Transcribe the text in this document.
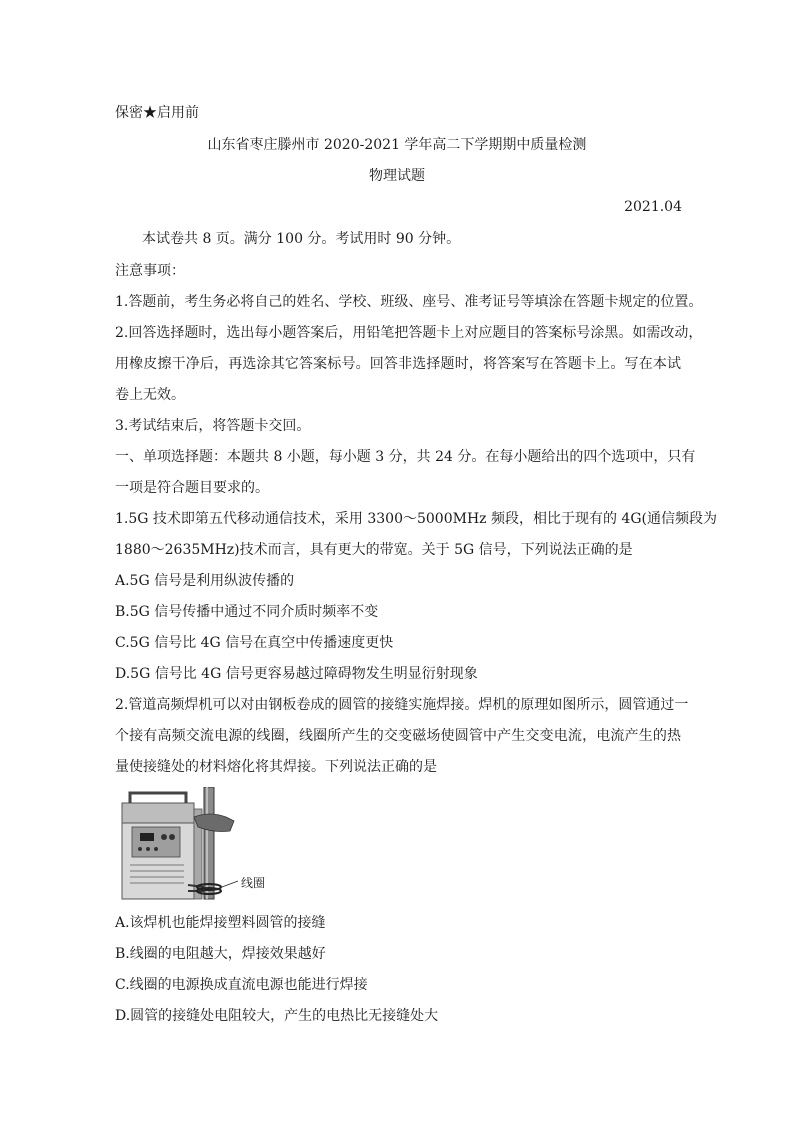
保密★启用前
山东省枣庄滕州市 2020-2021 学年高二下学期期中质量检测
物理试题
2021.04
本试卷共 8 页。满分 100 分。考试用时 90 分钟。
注意事项：
1.答题前，考生务必将自己的姓名、学校、班级、座号、准考证号等填涂在答题卡规定的位置。
2.回答选择题时，选出每小题答案后，用铅笔把答题卡上对应题目的答案标号涂黑。如需改动，
用橡皮擦干净后，再选涂其它答案标号。回答非选择题时，将答案写在答题卡上。写在本试
卷上无效。
3.考试结束后，将答题卡交回。
一、单项选择题：本题共 8 小题，每小题 3 分，共 24 分。在每小题给出的四个选项中，只有
一项是符合题目要求的。
1.5G 技术即第五代移动通信技术，采用 3300～5000MHz 频段，相比于现有的 4G(通信频段为
1880～2635MHz)技术而言，具有更大的带宽。关于 5G 信号，下列说法正确的是
A.5G 信号是利用纵波传播的
B.5G 信号传播中通过不同介质时频率不变
C.5G 信号比 4G 信号在真空中传播速度更快
D.5G 信号比 4G 信号更容易越过障碍物发生明显衍射现象
2.管道高频焊机可以对由钢板卷成的圆管的接缝实施焊接。焊机的原理如图所示，圆管通过一
个接有高频交流电源的线圈，线圈所产生的交变磁场使圆管中产生交变电流，电流产生的热
量使接缝处的材料熔化将其焊接。下列说法正确的是
线圈
A.该焊机也能焊接塑料圆管的接缝
B.线圈的电阻越大，焊接效果越好
C.线圈的电源换成直流电源也能进行焊接
D.圆管的接缝处电阻较大，产生的电热比无接缝处大
